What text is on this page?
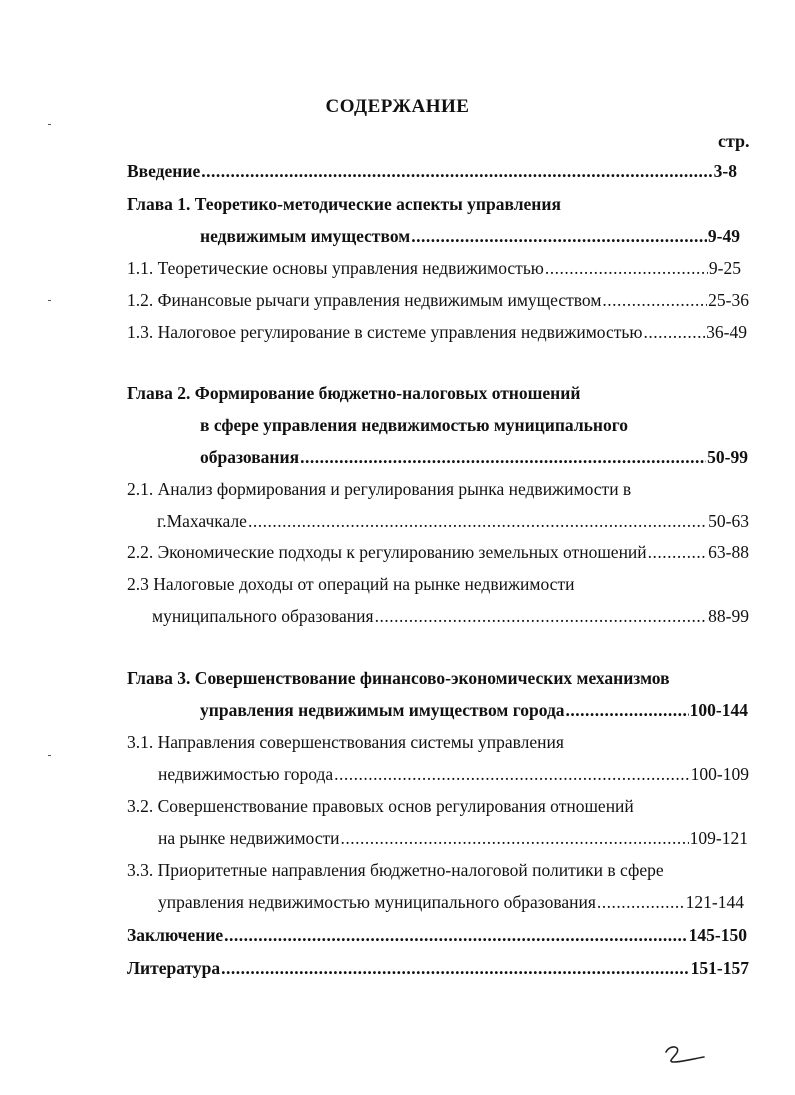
СОДЕРЖАНИЕ
стр.
Введение .....	3-8
Глава 1. Теоретико-методические аспекты управления
недвижимым имуществом .....	9-49
1.1. Теоретические основы управления недвижимостью .....	9-25
1.2. Финансовые рычаги управления недвижимым имуществом .....	25-36
1.3. Налоговое регулирование в системе управления недвижимостью .....	36-49
Глава 2. Формирование бюджетно-налоговых отношений
в сфере управления недвижимостью муниципального
образования .....	50-99
2.1. Анализ формирования и регулирования рынка недвижимости в
г.Махачкале .....	50-63
2.2. Экономические подходы к регулированию земельных отношений .....	63-88
2.3 Налоговые доходы от операций на рынке недвижимости
муниципального образования .....	88-99
Глава 3. Совершенствование финансово-экономических механизмов
управления недвижимым имуществом города .....	100-144
3.1. Направления совершенствования системы управления
недвижимостью города .....	100-109
3.2. Совершенствование правовых основ регулирования отношений
на рынке недвижимости .....	109-121
3.3. Приоритетные направления бюджетно-налоговой политики в сфере
управления недвижимостью муниципального образования .....	121-144
Заключение .....	145-150
Литература .....	151-157
